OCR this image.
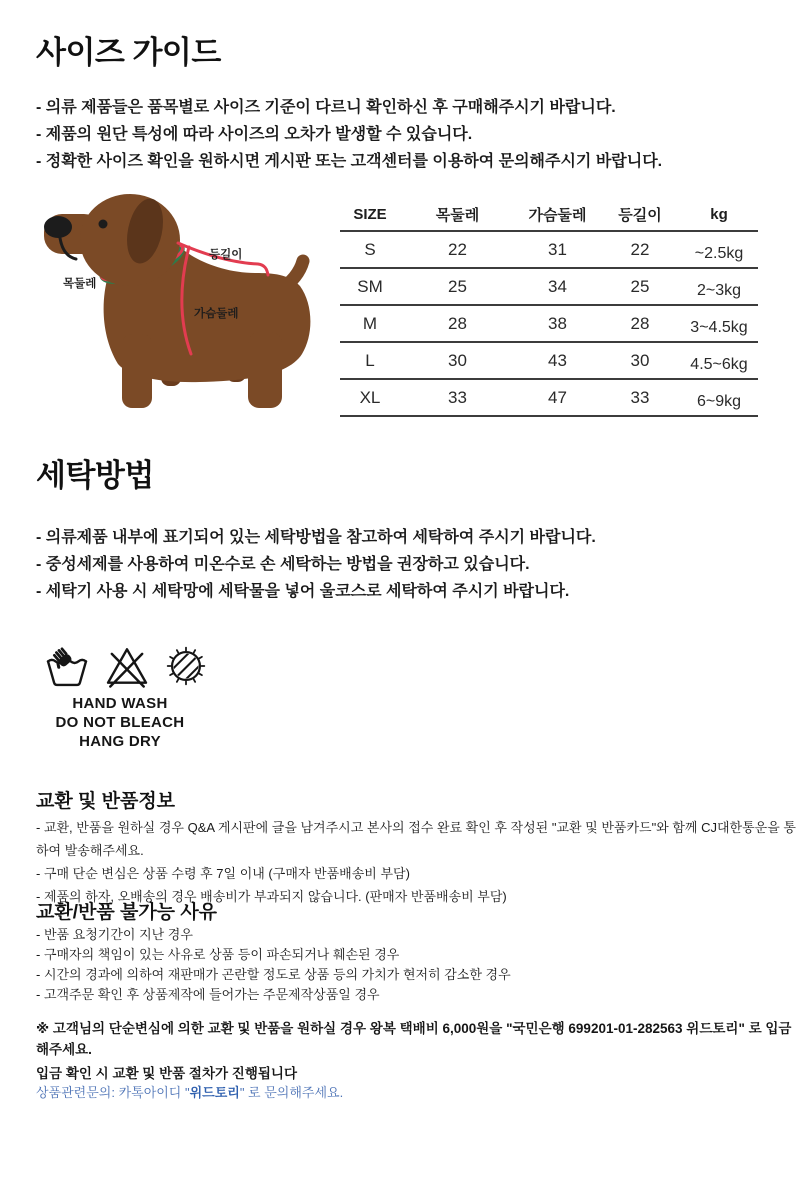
사이즈 가이드
- 의류 제품들은 품목별로 사이즈 기준이 다르니 확인하신 후 구매해주시기 바랍니다.
- 제품의 원단 특성에 따라 사이즈의 오차가 발생할 수 있습니다.
- 정확한 사이즈 확인을 원하시면 게시판 또는 고객센터를 이용하여 문의해주시기 바랍니다.
목둘레
등길이
가슴둘레
SIZE	목둘레	가슴둘레	등길이	kg
S	22	31	22	~2.5kg
SM	25	34	25	2~3kg
M	28	38	28	3~4.5kg
L	30	43	30	4.5~6kg
XL	33	47	33	6~9kg
세탁방법
- 의류제품 내부에 표기되어 있는 세탁방법을 참고하여 세탁하여 주시기 바랍니다.
- 중성세제를 사용하여 미온수로 손 세탁하는 방법을 권장하고 있습니다.
- 세탁기 사용 시 세탁망에 세탁물을 넣어 울코스로 세탁하여 주시기 바랍니다.
HAND WASH
DO NOT BLEACH
HANG DRY
교환 및 반품정보
- 교환, 반품을 원하실 경우 Q&A 게시판에 글을 남겨주시고 본사의 접수 완료 확인 후 작성된 "교환 및 반품카드"와 함께 CJ대한통운을 통하여 발송해주세요.
- 구매 단순 변심은 상품 수령 후 7일 이내 (구매자 반품배송비 부담)
- 제품의 하자, 오배송의 경우 배송비가 부과되지 않습니다. (판매자 반품배송비 부담)
교환/반품 불가능 사유
- 반품 요청기간이 지난 경우
- 구매자의 책임이 있는 사유로 상품 등이 파손되거나 훼손된 경우
- 시간의 경과에 의하여 재판매가 곤란할 정도로 상품 등의 가치가 현저히 감소한 경우
- 고객주문 확인 후 상품제작에 들어가는 주문제작상품일 경우
※ 고객님의 단순변심에 의한 교환 및 반품을 원하실 경우 왕복 택배비 6,000원을 "국민은행 699201-01-282563 위드토리" 로 입금해주세요.
입금 확인 시 교환 및 반품 절차가 진행됩니다
상품관련문의: 카톡아이디 "위드토리" 로 문의해주세요.
